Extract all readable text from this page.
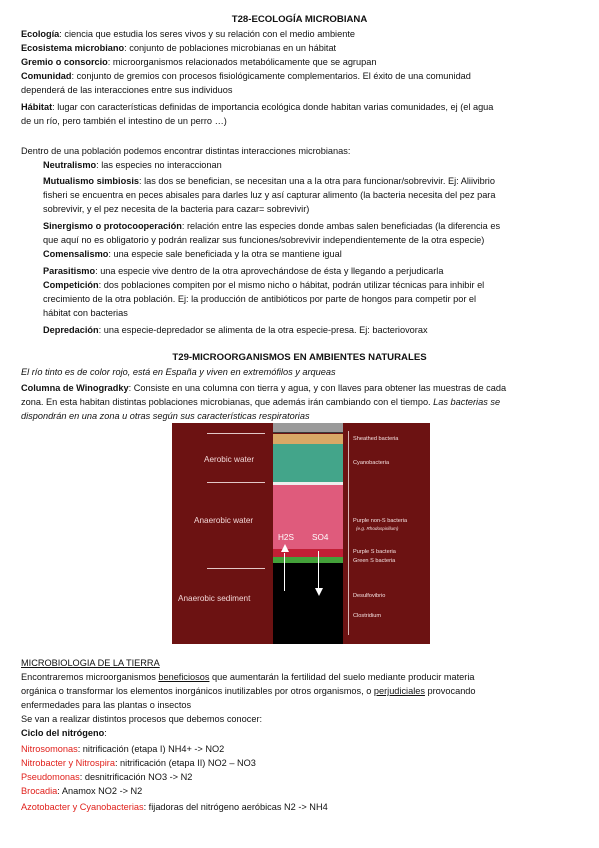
T28-ECOLOGÍA MICROBIANA
Ecología: ciencia que estudia los seres vivos y su relación con el medio ambiente
Ecosistema microbiano: conjunto de poblaciones microbianas en un hábitat
Gremio o consorcio: microorganismos relacionados metabólicamente que se agrupan
Comunidad: conjunto de gremios con procesos fisiológicamente complementarios. El éxito de una comunidad
dependerá de las interacciones entre sus individuos
Hábitat: lugar con características definidas de importancia ecológica donde habitan varias comunidades, ej (el agua
de un río, pero también el intestino de un perro …)
Dentro de una población podemos encontrar distintas interacciones microbianas:
Neutralismo: las especies no interaccionan
Mutualismo simbiosis: las dos se benefician, se necesitan una a la otra para funcionar/sobrevivir. Ej: Aliivibrio
fisheri se encuentra en peces abisales para darles luz y así capturar alimento (la bacteria necesita del pez para
sobrevivir, y el pez necesita de la bacteria para cazar= sobrevivir)
Sinergismo o protocooperación: relación entre las especies donde ambas salen beneficiadas (la diferencia es
que aquí no es obligatorio y podrán realizar sus funciones/sobrevivir independientemente de la otra especie)
Comensalismo: una especie sale beneficiada y la otra se mantiene igual
Parasitismo: una especie vive dentro de la otra aprovechándose de ésta y llegando a perjudicarla
Competición: dos poblaciones compiten por el mismo nicho o hábitat, podrán utilizar técnicas para inhibir el
crecimiento de la otra población. Ej: la producción de antibióticos por parte de hongos para competir por el
hábitat con bacterias
Depredación: una especie-depredador se alimenta de la otra especie-presa. Ej: bacteriovorax
T29-MICROORGANISMOS EN AMBIENTES NATURALES
El río tinto es de color rojo, está en España y viven en extremófilos y arqueas
Columna de Winogradky: Consiste en una columna con tierra y agua, y con llaves para obtener las muestras de cada
zona. En esta habitan distintas poblaciones microbianas, que además irán cambiando con el tiempo. Las bacterias se
dispondrán en una zona u otras según sus características respiratorias
H2S SO4
Aerobic water
Anaerobic water
Anaerobic sediment
Sheathed bacteria
Cyanobacteria
Purple non-S bacteria
(e.g. Rhodospirillum)
Purple S bacteria
Green S bacteria
Desulfovibrio
Clostridium
MICROBIOLOGIA DE LA TIERRA
Encontraremos microorganismos beneficiosos que aumentarán la fertilidad del suelo mediante producir materia
orgánica o transformar los elementos inorgánicos inutilizables por otros organismos, o perjudiciales provocando
enfermedades para las plantas o insectos
Se van a realizar distintos procesos que debemos conocer:
Ciclo del nitrógeno:
Nitrosomonas: nitrificación (etapa I) NH4+ -> NO2
Nitrobacter y Nitrospira: nitrificación (etapa II) NO2 – NO3
Pseudomonas: desnitrificación NO3 -> N2
Brocadia: Anamox NO2 -> N2
Azotobacter y Cyanobacterias: fijadoras del nitrógeno aeróbicas N2 -> NH4
